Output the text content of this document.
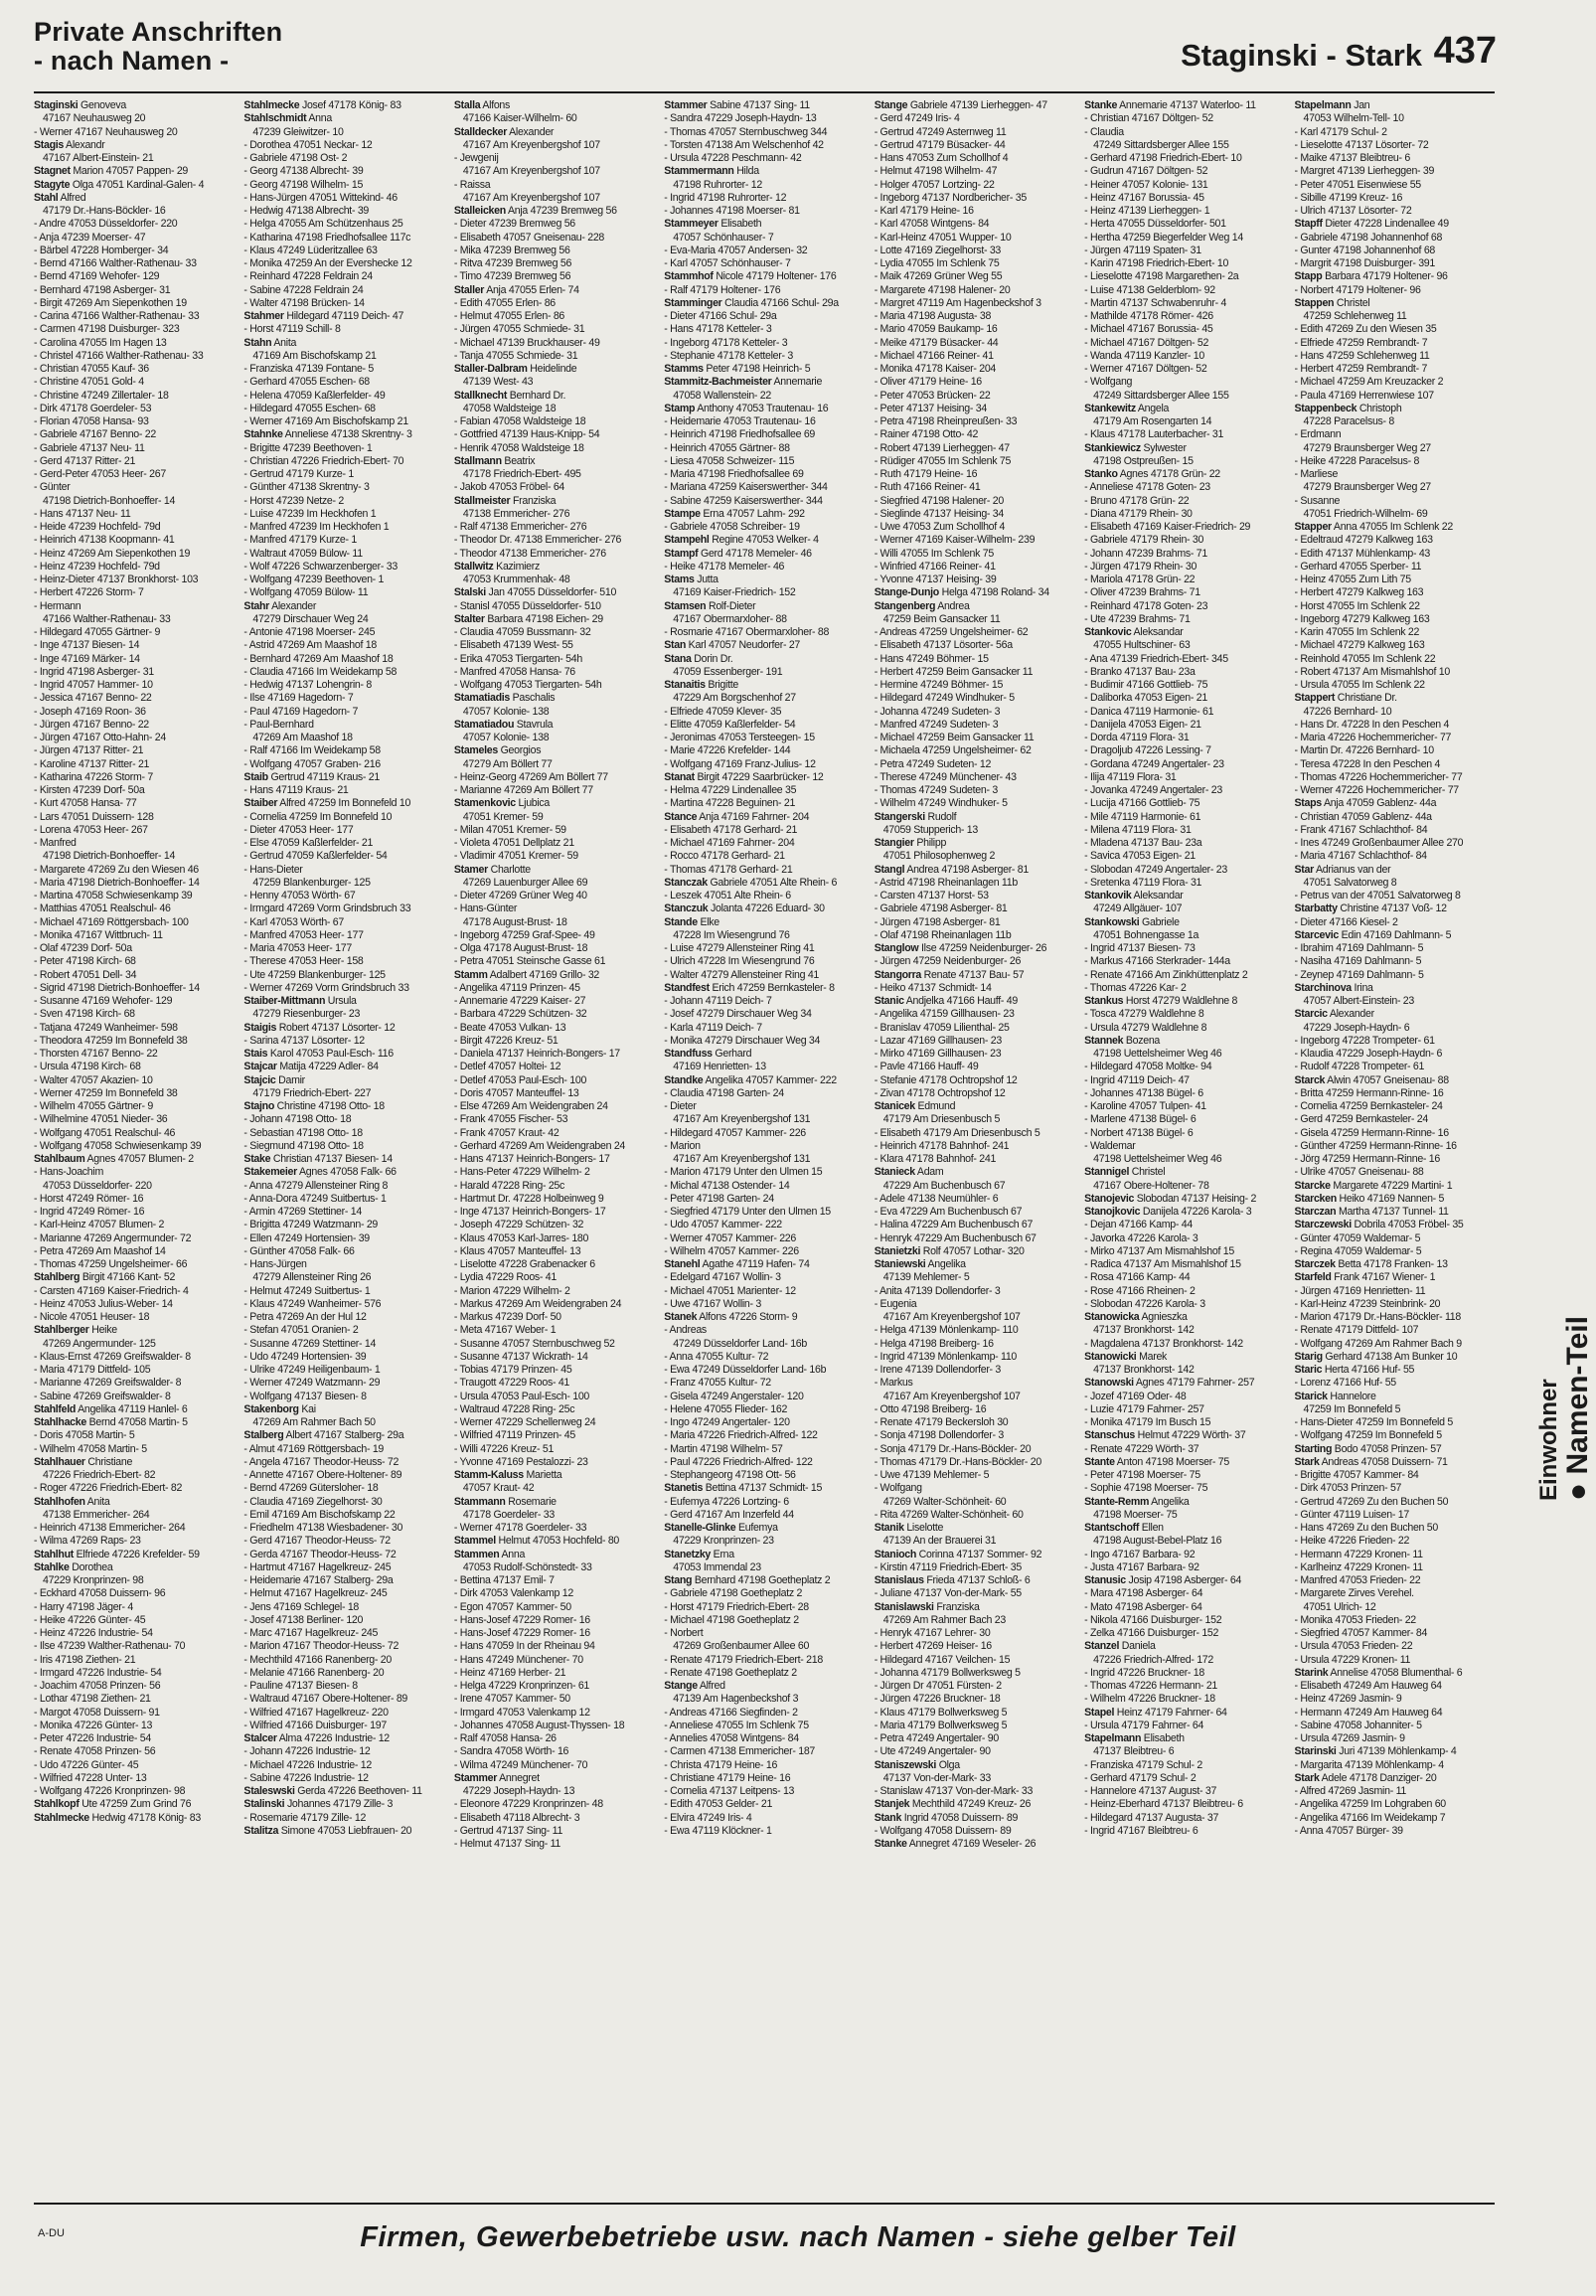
Private Anschriften
- nach Namen -	Staginski - Stark 437
Staginski Genoveva
47167 Neuhausweg 20
- Werner 47167 Neuhausweg 20
Stagis Alexandr
47167 Albert-Einstein- 21
Stagnet Marion 47057 Pappen- 29
Stagyte Olga 47051 Kardinal-Galen- 4
Stahl Alfred
47179 Dr.-Hans-Böckler- 16
- Andre 47053 Düsseldorfer- 220
- Anja 47239 Moerser- 47
- Bärbel 47228 Homberger- 34
- Bernd 47166 Walther-Rathenau- 33
- Bernd 47169 Wehofer- 129
- Bernhard 47198 Asberger- 31
- Birgit 47269 Am Siepenkothen 19
- Carina 47166 Walther-Rathenau- 33
- Carmen 47198 Duisburger- 323
- Carolina 47055 Im Hagen 13
- Christel 47166 Walther-Rathenau- 33
- Christian 47055 Kauf- 36
- Christine 47051 Gold- 4
- Christine 47249 Zillertaler- 18
- Dirk 47178 Goerdeler- 53
- Florian 47058 Hansa- 93
- Gabriele 47167 Benno- 22
- Gabriele 47137 Neu- 11
- Gerd 47137 Ritter- 21
- Gerd-Peter 47053 Heer- 267
- Günter
47198 Dietrich-Bonhoeffer- 14
- Hans 47137 Neu- 11
- Heide 47239 Hochfeld- 79d
- Heinrich 47138 Koopmann- 41
- Heinz 47269 Am Siepenkothen 19
- Heinz 47239 Hochfeld- 79d
- Heinz-Dieter 47137 Bronkhorst- 103
- Herbert 47226 Storm- 7
- Hermann
47166 Walther-Rathenau- 33
- Hildegard 47055 Gärtner- 9
- Inge 47137 Biesen- 14
- Inge 47169 Märker- 14
- Ingrid 47198 Asberger- 31
- Ingrid 47057 Hammer- 10
- Jessica 47167 Benno- 22
- Joseph 47169 Roon- 36
- Jürgen 47167 Benno- 22
- Jürgen 47167 Otto-Hahn- 24
- Jürgen 47137 Ritter- 21
- Karoline 47137 Ritter- 21
- Katharina 47226 Storm- 7
- Kirsten 47239 Dorf- 50a
- Kurt 47058 Hansa- 77
- Lars 47051 Duissern- 128
- Lorena 47053 Heer- 267
- Manfred
47198 Dietrich-Bonhoeffer- 14
- Margarete 47269 Zu den Wiesen 46
- Maria 47198 Dietrich-Bonhoeffer- 14
- Martina 47058 Schwiesenkamp 39
- Matthias 47051 Realschul- 46
- Michael 47169 Röttgersbach- 100
- Monika 47167 Wittbruch- 11
- Olaf 47239 Dorf- 50a
- Peter 47198 Kirch- 68
- Robert 47051 Dell- 34
- Sigrid 47198 Dietrich-Bonhoeffer- 14
- Susanne 47169 Wehofer- 129
- Sven 47198 Kirch- 68
- Tatjana 47249 Wanheimer- 598
- Theodora 47259 Im Bonnefeld 38
- Thorsten 47167 Benno- 22
- Ursula 47198 Kirch- 68
- Walter 47057 Akazien- 10
- Werner 47259 Im Bonnefeld 38
- Wilhelm 47055 Gärtner- 9
- Wilhelmine 47051 Nieder- 36
- Wolfgang 47051 Realschul- 46
- Wolfgang 47058 Schwiesenkamp 39
Stahlbaum Agnes 47057 Blumen- 2
- Hans-Joachim
47053 Düsseldorfer- 220
- Horst 47249 Römer- 16
- Ingrid 47249 Römer- 16
- Karl-Heinz 47057 Blumen- 2
- Marianne 47269 Angermunder- 72
- Petra 47269 Am Maashof 14
- Thomas 47259 Ungelsheimer- 66
Stahlberg Birgit 47166 Kant- 52
- Carsten 47169 Kaiser-Friedrich- 4
- Heinz 47053 Julius-Weber- 14
- Nicole 47051 Heuser- 18
Stahlberger Heike
47269 Angermunder- 125
- Klaus-Ernst 47269 Greifswalder- 8
- Maria 47179 Dittfeld- 105
- Marianne 47269 Greifswalder- 8
- Sabine 47269 Greifswalder- 8
Stahlfeld Angelika 47119 Hanlel- 6
Stahlhacke Bernd 47058 Martin- 5
- Doris 47058 Martin- 5
- Wilhelm 47058 Martin- 5
Stahlhauer Christiane
47226 Friedrich-Ebert- 82
- Roger 47226 Friedrich-Ebert- 82
Stahlhofen Anita
47138 Emmericher- 264
- Heinrich 47138 Emmericher- 264
- Wilma 47269 Raps- 23
Stahlhut Elfriede 47226 Krefelder- 59
Stahlke Dorothea
47229 Kronprinzen- 98
- Eckhard 47058 Duissern- 96
- Harry 47198 Jäger- 4
- Heike 47226 Günter- 45
- Heinz 47226 Industrie- 54
- Ilse 47239 Walther-Rathenau- 70
- Iris 47198 Ziethen- 21
- Irmgard 47226 Industrie- 54
- Joachim 47058 Prinzen- 56
- Lothar 47198 Ziethen- 21
- Margot 47058 Duissern- 91
- Monika 47226 Günter- 13
- Peter 47226 Industrie- 54
- Renate 47058 Prinzen- 56
- Udo 47226 Günter- 45
- Wilfried 47228 Unter- 13
- Wolfgang 47226 Kronprinzen- 98
Stahlkopf Ute 47259 Zum Grind 76
Stahlmecke Hedwig 47178 König- 83
Stahlmecke Josef 47178 König- 83
Stahlschmidt Anna
47239 Gleiwitzer- 10
- Dorothea 47051 Neckar- 12
- Gabriele 47198 Ost- 2
- Georg 47138 Albrecht- 39
- Georg 47198 Wilhelm- 15
- Hans-Jürgen 47051 Wittekind- 46
- Hedwig 47138 Albrecht- 39
- Helga 47055 Am Schützenhaus 25
- Katharina 47198 Friedhofsallee 117c
- Klaus 47249 Lüderitzallee 63
- Monika 47259 An der Evershecke 12
- Reinhard 47228 Feldrain 24
- Sabine 47228 Feldrain 24
- Walter 47198 Brücken- 14
Stahmer Hildegard 47119 Deich- 47
- Horst 47119 Schill- 8
Stahn Anita
47169 Am Bischofskamp 21
- Franziska 47139 Fontane- 5
- Gerhard 47055 Eschen- 68
- Helena 47059 Kaßlerfelder- 49
- Hildegard 47055 Eschen- 68
- Werner 47169 Am Bischofskamp 21
Stahnke Anneliese 47138 Skrentny- 3
- Brigitte 47239 Beethoven- 1
- Christian 47226 Friedrich-Ebert- 70
- Gertrud 47179 Kurze- 1
- Günther 47138 Skrentny- 3
- Horst 47239 Netze- 2
- Luise 47239 Im Heckhofen 1
- Manfred 47239 Im Heckhofen 1
- Manfred 47179 Kurze- 1
- Waltraut 47059 Bülow- 11
- Wolf 47226 Schwarzenberger- 33
- Wolfgang 47239 Beethoven- 1
- Wolfgang 47059 Bülow- 11
Stahr Alexander
47279 Dirschauer Weg 24
- Antonie 47198 Moerser- 245
- Astrid 47269 Am Maashof 18
- Bernhard 47269 Am Maashof 18
- Claudia 47166 Im Weidekamp 58
- Hedwig 47137 Lohengrin- 8
- Ilse 47169 Hagedorn- 7
- Paul 47169 Hagedorn- 7
- Paul-Bernhard
47269 Am Maashof 18
- Ralf 47166 Im Weidekamp 58
- Wolfgang 47057 Graben- 216
Staib Gertrud 47119 Kraus- 21
- Hans 47119 Kraus- 21
Staiber Alfred 47259 Im Bonnefeld 10
- Cornelia 47259 Im Bonnefeld 10
- Dieter 47053 Heer- 177
- Else 47059 Kaßlerfelder- 21
- Gertrud 47059 Kaßlerfelder- 54
- Hans-Dieter
47259 Blankenburger- 125
- Henny 47053 Wörth- 67
- Irmgard 47269 Vorm Grindsbruch 33
- Karl 47053 Wörth- 67
- Manfred 47053 Heer- 177
- Maria 47053 Heer- 177
- Therese 47053 Heer- 158
- Ute 47259 Blankenburger- 125
- Werner 47269 Vorm Grindsbruch 33
Staiber-Mittmann Ursula
47279 Riesenburger- 23
Staigis Robert 47137 Lösorter- 12
- Sarina 47137 Lösorter- 12
Stais Karol 47053 Paul-Esch- 116
Stajcar Matija 47229 Adler- 84
Stajcic Damir
47179 Friedrich-Ebert- 227
Stajno Christine 47198 Otto- 18
- Johann 47198 Otto- 18
- Sebastian 47198 Otto- 18
- Siegmund 47198 Otto- 18
Stake Christian 47137 Biesen- 14
Stakemeier Agnes 47058 Falk- 66
- Anna 47279 Allensteiner Ring 8
- Anna-Dora 47249 Suitbertus- 1
- Armin 47269 Stettiner- 14
- Brigitta 47249 Watzmann- 29
- Ellen 47249 Hortensien- 39
- Günther 47058 Falk- 66
- Hans-Jürgen
47279 Allensteiner Ring 26
- Helmut 47249 Suitbertus- 1
- Klaus 47249 Wanheimer- 576
- Petra 47269 An der Hul 12
- Stefan 47051 Oranien- 2
- Susanne 47269 Stettiner- 14
- Udo 47249 Hortensien- 39
- Ulrike 47249 Heiligenbaum- 1
- Werner 47249 Watzmann- 29
- Wolfgang 47137 Biesen- 8
Stakenborg Kai
47269 Am Rahmer Bach 50
Stalberg Albert 47167 Stalberg- 29a
- Almut 47169 Röttgersbach- 19
- Angela 47167 Theodor-Heuss- 72
- Annette 47167 Obere-Holtener- 89
- Bernd 47269 Gütersloher- 18
- Claudia 47169 Ziegelhorst- 30
- Emil 47169 Am Bischofskamp 22
- Friedhelm 47138 Wiesbadener- 30
- Gerd 47167 Theodor-Heuss- 72
- Gerda 47167 Theodor-Heuss- 72
- Hartmut 47167 Hagelkreuz- 245
- Heidemarie 47167 Stalberg- 29a
- Helmut 47167 Hagelkreuz- 245
- Jens 47169 Schlegel- 18
- Josef 47138 Berliner- 120
- Marc 47167 Hagelkreuz- 245
- Marion 47167 Theodor-Heuss- 72
- Mechthild 47166 Ranenberg- 20
- Melanie 47166 Ranenberg- 20
- Pauline 47137 Biesen- 8
- Waltraud 47167 Obere-Holtener- 89
- Wilfried 47167 Hagelkreuz- 220
- Wilfried 47166 Duisburger- 197
Stalcer Alma 47226 Industrie- 12
- Johann 47226 Industrie- 12
- Michael 47226 Industrie- 12
- Sabine 47226 Industrie- 12
Staleswski Gerda 47226 Beethoven- 11
Stalinski Johannes 47179 Zille- 3
- Rosemarie 47179 Zille- 12
Stalitza Simone 47053 Liebfrauen- 20
Stalla Alfons
47166 Kaiser-Wilhelm- 60
Stalldecker Alexander
47167 Am Kreyenbergshof 107
- Jewgenij
47167 Am Kreyenbergshof 107
- Raissa
47167 Am Kreyenbergshof 107
Stalleicken Anja 47239 Bremweg 56
- Dieter 47239 Bremweg 56
- Elisabeth 47057 Gneisenau- 228
- Mika 47239 Bremweg 56
- Ritva 47239 Bremweg 56
- Timo 47239 Bremweg 56
Staller Anja 47055 Erlen- 74
- Edith 47055 Erlen- 86
- Helmut 47055 Erlen- 86
- Jürgen 47055 Schmiede- 31
- Michael 47139 Bruckhauser- 49
- Tanja 47055 Schmiede- 31
Staller-Dalbram Heidelinde
47139 West- 43
Stallknecht Bernhard Dr.
47058 Waldsteige 18
- Fabian 47058 Waldsteige 18
- Gottfried 47139 Haus-Knipp- 54
- Henrik 47058 Waldsteige 18
Stallmann Beatrix
47178 Friedrich-Ebert- 495
- Jakob 47053 Fröbel- 64
Stallmeister Franziska
47138 Emmericher- 276
- Ralf 47138 Emmericher- 276
- Theodor Dr. 47138 Emmericher- 276
- Theodor 47138 Emmericher- 276
Stallwitz Kazimierz
47053 Krummenhak- 48
Stalski Jan 47055 Düsseldorfer- 510
- Stanisl 47055 Düsseldorfer- 510
Stalter Barbara 47198 Eichen- 29
- Claudia 47059 Bussmann- 32
- Elisabeth 47139 West- 55
- Erika 47053 Tiergarten- 54h
- Manfred 47058 Hansa- 76
- Wolfgang 47053 Tiergarten- 54h
Stamatiadis Paschalis
47057 Kolonie- 138
Stamatiadou Stavrula
47057 Kolonie- 138
Stameles Georgios
47279 Am Böllert 77
- Heinz-Georg 47269 Am Böllert 77
- Marianne 47269 Am Böllert 77
Stamenkovic Ljubica
47051 Kremer- 59
- Milan 47051 Kremer- 59
- Violeta 47051 Dellplatz 21
- Vladimir 47051 Kremer- 59
Stamer Charlotte
47269 Lauenburger Allee 69
- Dieter 47269 Grüner Weg 40
- Hans-Günter
47178 August-Brust- 18
- Ingeborg 47259 Graf-Spee- 49
- Olga 47178 August-Brust- 18
- Petra 47051 Steinsche Gasse 61
Stamm Adalbert 47169 Grillo- 32
- Angelika 47119 Prinzen- 45
- Annemarie 47229 Kaiser- 27
- Barbara 47229 Schützen- 32
- Beate 47053 Vulkan- 13
- Birgit 47226 Kreuz- 51
- Daniela 47137 Heinrich-Bongers- 17
- Detlef 47057 Holtei- 12
- Detlef 47053 Paul-Esch- 100
- Doris 47057 Manteuffel- 13
- Else 47269 Am Weidengraben 24
- Frank 47055 Fischer- 53
- Frank 47057 Kraut- 42
- Gerhard 47269 Am Weidengraben 24
- Hans 47137 Heinrich-Bongers- 17
- Hans-Peter 47229 Wilhelm- 2
- Harald 47228 Ring- 25c
- Hartmut Dr. 47228 Holbeinweg 9
- Inge 47137 Heinrich-Bongers- 17
- Joseph 47229 Schützen- 32
- Klaus 47053 Karl-Jarres- 180
- Klaus 47057 Manteuffel- 13
- Liselotte 47228 Grabenacker 6
- Lydia 47229 Roos- 41
- Marion 47229 Wilhelm- 2
- Markus 47269 Am Weidengraben 24
- Markus 47239 Dorf- 50
- Meta 47167 Weber- 1
- Susanne 47057 Sternbuschweg 52
- Susanne 47137 Wickrath- 14
- Tobias 47179 Prinzen- 45
- Traugott 47229 Roos- 41
- Ursula 47053 Paul-Esch- 100
- Waltraud 47228 Ring- 25c
- Werner 47229 Schellenweg 24
- Wilfried 47119 Prinzen- 45
- Willi 47226 Kreuz- 51
- Yvonne 47169 Pestalozzi- 23
Stamm-Kaluss Marietta
47057 Kraut- 42
Stammann Rosemarie
47178 Goerdeler- 33
- Werner 47178 Goerdeler- 33
Stammel Helmut 47053 Hochfeld- 80
Stammen Anna
47053 Rudolf-Schönstedt- 33
- Bettina 47137 Emil- 7
- Dirk 47053 Valenkamp 12
- Egon 47057 Kammer- 50
- Hans-Josef 47229 Romer- 16
- Hans-Josef 47229 Romer- 16
- Hans 47059 In der Rheinau 94
- Hans 47249 Münchener- 70
- Heinz 47169 Herber- 21
- Helga 47229 Kronprinzen- 61
- Irene 47057 Kammer- 50
- Irmgard 47053 Valenkamp 12
- Johannes 47058 August-Thyssen- 18
- Ralf 47058 Hansa- 26
- Sandra 47058 Wörth- 16
- Wilma 47249 Münchener- 70
Stammer Annegret
47229 Joseph-Haydn- 13
- Eleonore 47229 Kronprinzen- 48
- Elisabeth 47118 Albrecht- 3
- Gertrud 47137 Sing- 11
- Helmut 47137 Sing- 11
Stammer Sabine 47137 Sing- 11
- Sandra 47229 Joseph-Haydn- 13
- Thomas 47057 Sternbuschweg 344
- Torsten 47138 Am Welschenhof 42
- Ursula 47228 Peschmann- 42
Stammermann Hilda
47198 Ruhrorter- 12
- Ingrid 47198 Ruhrorter- 12
- Johannes 47198 Moerser- 81
Stammeyer Elisabeth
47057 Schönhauser- 7
- Eva-Maria 47057 Andersen- 32
- Karl 47057 Schönhauser- 7
Stammhof Nicole 47179 Holtener- 176
- Ralf 47179 Holtener- 176
Stamminger Claudia 47166 Schul- 29a
- Dieter 47166 Schul- 29a
- Hans 47178 Ketteler- 3
- Ingeborg 47178 Ketteler- 3
- Stephanie 47178 Ketteler- 3
Stamms Peter 47198 Heinrich- 5
Stammitz-Bachmeister Annemarie
47058 Wallenstein- 22
Stamp Anthony 47053 Trautenau- 16
- Heidemarie 47053 Trautenau- 16
- Heinrich 47198 Friedhofsallee 69
- Heinrich 47055 Gärtner- 88
- Liesa 47058 Schweizer- 115
- Maria 47198 Friedhofsallee 69
- Mariana 47259 Kaiserswerther- 344
- Sabine 47259 Kaiserswerther- 344
Stampe Erna 47057 Lahm- 292
- Gabriele 47058 Schreiber- 19
Stampehl Regine 47053 Welker- 4
Stampf Gerd 47178 Memeler- 46
- Heike 47178 Memeler- 46
Stams Jutta
47169 Kaiser-Friedrich- 152
Stamsen Rolf-Dieter
47167 Obermarxloher- 88
- Rosmarie 47167 Obermarxloher- 88
Stan Karl 47057 Neudorfer- 27
Stana Dorin Dr.
47059 Essenberger- 191
Stanaitis Brigitte
47229 Am Borgschenhof 27
- Elfriede 47059 Klever- 35
- Elitte 47059 Kaßlerfelder- 54
- Jeronimas 47053 Tersteegen- 15
- Marie 47226 Krefelder- 144
- Wolfgang 47169 Franz-Julius- 12
Stanat Birgit 47229 Saarbrücker- 12
- Helma 47229 Lindenallee 35
- Martina 47228 Beguinen- 21
Stance Anja 47169 Fahrner- 204
- Elisabeth 47178 Gerhard- 21
- Michael 47169 Fahrner- 204
- Rocco 47178 Gerhard- 21
- Thomas 47178 Gerhard- 21
Stanczak Gabriele 47051 Alte Rhein- 6
- Leszek 47051 Alte Rhein- 6
Stanczuk Jolanta 47226 Eduard- 30
Stande Elke
47228 Im Wiesengrund 76
- Luise 47279 Allensteiner Ring 41
- Ulrich 47228 Im Wiesengrund 76
- Walter 47279 Allensteiner Ring 41
Standfest Erich 47259 Bernkasteler- 8
- Johann 47119 Deich- 7
- Josef 47279 Dirschauer Weg 34
- Karla 47119 Deich- 7
- Monika 47279 Dirschauer Weg 34
Standfuss Gerhard
47169 Henrietten- 13
Standke Angelika 47057 Kammer- 222
- Claudia 47198 Garten- 24
- Dieter
47167 Am Kreyenbergshof 131
- Hildegard 47057 Kammer- 226
- Marion
47167 Am Kreyenbergshof 131
- Marion 47179 Unter den Ulmen 15
- Michal 47138 Ostender- 14
- Peter 47198 Garten- 24
- Siegfried 47179 Unter den Ulmen 15
- Udo 47057 Kammer- 222
- Werner 47057 Kammer- 226
- Wilhelm 47057 Kammer- 226
Stanehl Agathe 47119 Hafen- 74
- Edelgard 47167 Wollin- 3
- Michael 47051 Marienter- 12
- Uwe 47167 Wollin- 3
Stanek Alfons 47226 Storm- 9
- Andreas
47249 Düsseldorfer Land- 16b
- Anna 47055 Kultur- 72
- Ewa 47249 Düsseldorfer Land- 16b
- Franz 47055 Kultur- 72
- Gisela 47249 Angerstaler- 120
- Helene 47055 Flieder- 162
- Ingo 47249 Angertaler- 120
- Maria 47226 Friedrich-Alfred- 122
- Martin 47198 Wilhelm- 57
- Paul 47226 Friedrich-Alfred- 122
- Stephangeorg 47198 Ott- 56
Stanetis Bettina 47137 Schmidt- 15
- Eufemya 47226 Lortzing- 6
- Gerd 47167 Am Inzerfeld 44
Stanelle-Glinke Eufemya
47229 Kronprinzen- 23
Stanetzky Erna
47053 Immendal 23
Stang Bernhard 47198 Goetheplatz 2
- Gabriele 47198 Goetheplatz 2
- Horst 47179 Friedrich-Ebert- 28
- Michael 47198 Goetheplatz 2
- Norbert
47269 Großenbaumer Allee 60
- Renate 47179 Friedrich-Ebert- 218
- Renate 47198 Goetheplatz 2
Stange Alfred
47139 Am Hagenbeckshof 3
- Andreas 47166 Siegfinden- 2
- Anneliese 47055 Im Schlenk 75
- Annelies 47058 Wintgens- 84
- Carmen 47138 Emmericher- 187
- Christa 47179 Heine- 16
- Christiane 47179 Heine- 16
- Cornelia 47137 Leitpens- 13
- Edith 47053 Gelder- 21
- Elvira 47249 Iris- 4
- Ewa 47119 Klöckner- 1
Stange Gabriele 47139 Lierheggen- 47
- Gerd 47249 Iris- 4
- Gertrud 47249 Asternweg 11
- Gertrud 47179 Büsacker- 44
- Hans 47053 Zum Schollhof 4
- Helmut 47198 Wilhelm- 47
- Holger 47057 Lortzing- 22
- Ingeborg 47137 Nordbericher- 35
- Karl 47179 Heine- 16
- Karl 47058 Wintgens- 84
- Karl-Heinz 47051 Wupper- 10
- Lotte 47169 Ziegelhorst- 33
- Lydia 47055 Im Schlenk 75
- Maik 47269 Grüner Weg 55
- Margarete 47198 Halener- 20
- Margret 47119 Am Hagenbeckshof 3
- Maria 47198 Augusta- 38
- Mario 47059 Baukamp- 16
- Meike 47179 Büsacker- 44
- Michael 47166 Reiner- 41
- Monika 47178 Kaiser- 204
- Oliver 47179 Heine- 16
- Peter 47053 Brücken- 22
- Peter 47137 Heising- 34
- Petra 47198 Rheinpreußen- 33
- Rainer 47198 Otto- 42
- Robert 47139 Lierheggen- 47
- Rüdiger 47055 Im Schlenk 75
- Ruth 47179 Heine- 16
- Ruth 47166 Reiner- 41
- Siegfried 47198 Halener- 20
- Sieglinde 47137 Heising- 34
- Uwe 47053 Zum Schollhof 4
- Werner 47169 Kaiser-Wilhelm- 239
- Willi 47055 Im Schlenk 75
- Winfried 47166 Reiner- 41
- Yvonne 47137 Heising- 39
Stange-Dunjo Helga 47198 Roland- 34
Stangenberg Andrea
47259 Beim Gansacker 11
- Andreas 47259 Ungelsheimer- 62
- Elisabeth 47137 Lösorter- 56a
- Hans 47249 Böhmer- 15
- Herbert 47259 Beim Gansacker 11
- Hermine 47249 Böhmer- 15
- Hildegard 47249 Windhuker- 5
- Johanna 47249 Sudeten- 3
- Manfred 47249 Sudeten- 3
- Michael 47259 Beim Gansacker 11
- Michaela 47259 Ungelsheimer- 62
- Petra 47249 Sudeten- 12
- Therese 47249 Münchener- 43
- Thomas 47249 Sudeten- 3
- Wilhelm 47249 Windhuker- 5
Stangerski Rudolf
47059 Stupperich- 13
Stangier Philipp
47051 Philosophenweg 2
Stangl Andrea 47198 Asberger- 81
- Astrid 47198 Rheinanlagen 11b
- Carsten 47137 Horst- 53
- Gabriele 47198 Asberger- 81
- Jürgen 47198 Asberger- 81
- Olaf 47198 Rheinanlagen 11b
Stanglow Ilse 47259 Neidenburger- 26
- Jürgen 47259 Neidenburger- 26
Stangorra Renate 47137 Bau- 57
- Heiko 47137 Schmidt- 14
Stanic Andjelka 47166 Hauff- 49
- Angelika 47159 Gillhausen- 23
- Branislav 47059 Lilienthal- 25
- Lazar 47169 Gillhausen- 23
- Mirko 47169 Gillhausen- 23
- Pavle 47166 Hauff- 49
- Stefanie 47178 Ochtropshof 12
- Zivan 47178 Ochtropshof 12
Stanicek Edmund
47179 Am Driesenbusch 5
- Elisabeth 47179 Am Driesenbusch 5
- Heinrich 47178 Bahnhof- 241
- Klara 47178 Bahnhof- 241
Stanieck Adam
47229 Am Buchenbusch 67
- Adele 47138 Neumühler- 6
- Eva 47229 Am Buchenbusch 67
- Halina 47229 Am Buchenbusch 67
- Henryk 47229 Am Buchenbusch 67
Stanietzki Rolf 47057 Lothar- 320
Staniewski Angelika
47139 Mehlemer- 5
- Anita 47139 Dollendorfer- 3
- Eugenia
47167 Am Kreyenbergshof 107
- Helga 47139 Mönlenkamp- 110
- Helga 47198 Breiberg- 16
- Ingrid 47139 Mönlenkamp- 110
- Irene 47139 Dollendorfer- 3
- Markus
47167 Am Kreyenbergshof 107
- Otto 47198 Breiberg- 16
- Renate 47179 Beckersloh 30
- Sonja 47198 Dollendorfer- 3
- Sonja 47179 Dr.-Hans-Böckler- 20
- Thomas 47179 Dr.-Hans-Böckler- 20
- Uwe 47139 Mehlemer- 5
- Wolfgang
47269 Walter-Schönheit- 60
- Rita 47269 Walter-Schönheit- 60
Stanik Liselotte
47139 An der Brauerei 31
Stanioch Corinna 47137 Sommer- 92
- Kirstin 47119 Friedrich-Ebert- 35
Stanislaus Frieda 47137 Schloß- 6
- Juliane 47137 Von-der-Mark- 55
Stanislawski Franziska
47269 Am Rahmer Bach 23
- Henryk 47167 Lehrer- 30
- Herbert 47269 Heiser- 16
- Hildegard 47167 Veilchen- 15
- Johanna 47179 Bollwerksweg 5
- Jürgen Dr 47051 Fürsten- 2
- Jürgen 47226 Bruckner- 18
- Klaus 47179 Bollwerksweg 5
- Maria 47179 Bollwerksweg 5
- Petra 47249 Angertaler- 90
- Ute 47249 Angertaler- 90
Staniszewski Olga
47137 Von-der-Mark- 33
- Stanislaw 47137 Von-der-Mark- 33
Stanjek Mechthild 47249 Kreuz- 26
Stank Ingrid 47058 Duissern- 89
- Wolfgang 47058 Duissern- 89
Stanke Annegret 47169 Weseler- 26
Stanke Annemarie 47137 Waterloo- 11
- Christian 47167 Döltgen- 52
- Claudia
47249 Sittardsberger Allee 155
- Gerhard 47198 Friedrich-Ebert- 10
- Gudrun 47167 Döltgen- 52
- Heiner 47057 Kolonie- 131
- Heinz 47167 Borussia- 45
- Heinz 47139 Lierheggen- 1
- Herta 47055 Düsseldorfer- 501
- Hertha 47259 Biegerfelder Weg 14
- Jürgen 47119 Spaten- 31
- Karin 47198 Friedrich-Ebert- 10
- Lieselotte 47198 Margarethen- 2a
- Luise 47138 Gelderblom- 92
- Martin 47137 Schwabenruhr- 4
- Mathilde 47178 Römer- 426
- Michael 47167 Borussia- 45
- Michael 47167 Döltgen- 52
- Wanda 47119 Kanzler- 10
- Werner 47167 Döltgen- 52
- Wolfgang
47249 Sittardsberger Allee 155
Stankewitz Angela
47179 Am Rosengarten 14
- Klaus 47178 Lauterbacher- 31
Stankiewicz Sylwester
47198 Ostpreußen- 15
Stanko Agnes 47178 Grün- 22
- Anneliese 47178 Goten- 23
- Bruno 47178 Grün- 22
- Diana 47179 Rhein- 30
- Elisabeth 47169 Kaiser-Friedrich- 29
- Gabriele 47179 Rhein- 30
- Johann 47239 Brahms- 71
- Jürgen 47179 Rhein- 30
- Mariola 47178 Grün- 22
- Oliver 47239 Brahms- 71
- Reinhard 47178 Goten- 23
- Ute 47239 Brahms- 71
Stankovic Aleksandar
47055 Hultschiner- 63
- Ana 47139 Friedrich-Ebert- 345
- Branko 47137 Bau- 23a
- Budimir 47166 Gottlieb- 75
- Daliborka 47053 Eigen- 21
- Danica 47119 Harmonie- 61
- Danijela 47053 Eigen- 21
- Dorda 47119 Flora- 31
- Dragoljub 47226 Lessing- 7
- Gordana 47249 Angertaler- 23
- Ilija 47119 Flora- 31
- Jovanka 47249 Angertaler- 23
- Lucija 47166 Gottlieb- 75
- Mile 47119 Harmonie- 61
- Milena 47119 Flora- 31
- Mladena 47137 Bau- 23a
- Savica 47053 Eigen- 21
- Slobodan 47249 Angertaler- 23
- Sretenka 47119 Flora- 31
Stankovik Aleksandar
47249 Allgäuer- 107
Stankowski Gabriele
47051 Bohnengasse 1a
- Ingrid 47137 Biesen- 73
- Markus 47166 Sterkrader- 144a
- Renate 47166 Am Zinkhüttenplatz 2
- Thomas 47226 Kar- 2
Stankus Horst 47279 Waldlehne 8
- Tosca 47279 Waldlehne 8
- Ursula 47279 Waldlehne 8
Stannek Bozena
47198 Uettelsheimer Weg 46
- Hildegard 47058 Moltke- 94
- Ingrid 47119 Deich- 47
- Johannes 47138 Bügel- 6
- Karoline 47057 Tulpen- 41
- Marlene 47138 Bügel- 6
- Norbert 47138 Bügel- 6
- Waldemar
47198 Uettelsheimer Weg 46
Stannigel Christel
47167 Obere-Holtener- 78
Stanojevic Slobodan 47137 Heising- 2
Stanojkovic Danijela 47226 Karola- 3
- Dejan 47166 Kamp- 44
- Javorka 47226 Karola- 3
- Mirko 47137 Am Mismahlshof 15
- Radica 47137 Am Mismahlshof 15
- Rosa 47166 Kamp- 44
- Rose 47166 Rheinen- 2
- Slobodan 47226 Karola- 3
Stanowicka Agnieszka
47137 Bronkhorst- 142
- Magdalena 47137 Bronkhorst- 142
Stanowicki Marek
47137 Bronkhorst- 142
Stanowski Agnes 47179 Fahrner- 257
- Jozef 47169 Oder- 48
- Luzie 47179 Fahrner- 257
- Monika 47179 Im Busch 15
Stanschus Helmut 47229 Wörth- 37
- Renate 47229 Wörth- 37
Stante Anton 47198 Moerser- 75
- Peter 47198 Moerser- 75
- Sophie 47198 Moerser- 75
Stante-Remm Angelika
47198 Moerser- 75
Stantschoff Ellen
47198 August-Bebel-Platz 16
- Ingo 47167 Barbara- 92
- Justa 47167 Barbara- 92
Stanusic Josip 47198 Asberger- 64
- Mara 47198 Asberger- 64
- Mato 47198 Asberger- 64
- Nikola 47166 Duisburger- 152
- Zelka 47166 Duisburger- 152
Stanzel Daniela
47226 Friedrich-Alfred- 172
- Ingrid 47226 Bruckner- 18
- Thomas 47226 Hermann- 21
- Wilhelm 47226 Bruckner- 18
Stapel Heinz 47179 Fahrner- 64
- Ursula 47179 Fahrner- 64
Stapelmann Elisabeth
47137 Bleibtreu- 6
- Franziska 47179 Schul- 2
- Gerhard 47179 Schul- 2
- Hannelore 47137 August- 37
- Heinz-Eberhard 47137 Bleibtreu- 6
- Hildegard 47137 Augusta- 37
- Ingrid 47167 Bleibtreu- 6
Stapelmann Jan
47053 Wilhelm-Tell- 10
- Karl 47179 Schul- 2
- Lieselotte 47137 Lösorter- 72
- Maike 47137 Bleibtreu- 6
- Margret 47139 Lierheggen- 39
- Peter 47051 Eisenwiese 55
- Sibille 47199 Kreuz- 16
- Ulrich 47137 Lösorter- 72
Stapff Dieter 47228 Lindenallee 49
- Gabriele 47198 Johannenhof 68
- Gunter 47198 Johannenhof 68
- Margrit 47198 Duisburger- 391
Stapp Barbara 47179 Holtener- 96
- Norbert 47179 Holtener- 96
Stappen Christel
47259 Schlehenweg 11
- Edith 47269 Zu den Wiesen 35
- Elfriede 47259 Rembrandt- 7
- Hans 47259 Schlehenweg 11
- Herbert 47259 Rembrandt- 7
- Michael 47259 Am Kreuzacker 2
- Paula 47169 Herrenwiese 107
Stappenbeck Christoph
47228 Paracelsus- 8
- Erdmann
47279 Braunsberger Weg 27
- Heike 47228 Paracelsus- 8
- Marliese
47279 Braunsberger Weg 27
- Susanne
47051 Friedrich-Wilhelm- 69
Stapper Anna 47055 Im Schlenk 22
- Edeltraud 47279 Kalkweg 163
- Edith 47137 Mühlenkamp- 43
- Gerhard 47055 Sperber- 11
- Heinz 47055 Zum Lith 75
- Herbert 47279 Kalkweg 163
- Horst 47055 Im Schlenk 22
- Ingeborg 47279 Kalkweg 163
- Karin 47055 Im Schlenk 22
- Michael 47279 Kalkweg 163
- Reinhold 47055 Im Schlenk 22
- Robert 47137 Am Mismahlshof 10
- Ursula 47055 Im Schlenk 22
Stappert Christiane Dr.
47226 Bernhard- 10
- Hans Dr. 47228 In den Peschen 4
- Maria 47226 Hochemmericher- 77
- Martin Dr. 47226 Bernhard- 10
- Teresa 47228 In den Peschen 4
- Thomas 47226 Hochemmericher- 77
- Werner 47226 Hochemmericher- 77
Staps Anja 47059 Gablenz- 44a
- Christian 47059 Gablenz- 44a
- Frank 47167 Schlachthof- 84
- Ines 47249 Großenbaumer Allee 270
- Maria 47167 Schlachthof- 84
Star Adrianus van der
47051 Salvatorweg 8
- Petrus van der 47051 Salvatorweg 8
Starbatty Christine 47137 Voß- 12
- Dieter 47166 Kiesel- 2
Starcevic Edin 47169 Dahlmann- 5
- Ibrahim 47169 Dahlmann- 5
- Nasiha 47169 Dahlmann- 5
- Zeynep 47169 Dahlmann- 5
Starchinova Irina
47057 Albert-Einstein- 23
Starcic Alexander
47229 Joseph-Haydn- 6
- Ingeborg 47228 Trompeter- 61
- Klaudia 47229 Joseph-Haydn- 6
- Rudolf 47228 Trompeter- 61
Starck Alwin 47057 Gneisenau- 88
- Britta 47259 Hermann-Rinne- 16
- Cornelia 47259 Bernkasteler- 24
- Gerd 47259 Bernkasteler- 24
- Gisela 47259 Hermann-Rinne- 16
- Günther 47259 Hermann-Rinne- 16
- Jörg 47259 Hermann-Rinne- 16
- Ulrike 47057 Gneisenau- 88
Starcke Margarete 47229 Martini- 1
Starcken Heiko 47169 Nannen- 5
Starczan Martha 47137 Tunnel- 11
Starczewski Dobrila 47053 Fröbel- 35
- Günter 47059 Waldemar- 5
- Regina 47059 Waldemar- 5
Starczek Betta 47178 Franken- 13
Starfeld Frank 47167 Wiener- 1
- Jürgen 47169 Henrietten- 11
- Karl-Heinz 47239 Steinbrink- 20
- Marion 47179 Dr.-Hans-Böckler- 118
- Renate 47179 Dittfeld- 107
- Wolfgang 47269 Am Rahmer Bach 9
Starig Gerhard 47138 Am Bunker 10
Staric Herta 47166 Huf- 55
- Lorenz 47166 Huf- 55
Starick Hannelore
47259 Im Bonnefeld 5
- Hans-Dieter 47259 Im Bonnefeld 5
- Wolfgang 47259 Im Bonnefeld 5
Starting Bodo 47058 Prinzen- 57
Stark Andreas 47058 Duissern- 71
- Brigitte 47057 Kammer- 84
- Dirk 47053 Prinzen- 57
- Gertrud 47269 Zu den Buchen 50
- Günter 47119 Luisen- 17
- Hans 47269 Zu den Buchen 50
- Heike 47226 Frieden- 22
- Hermann 47229 Kronen- 11
- Karlheinz 47229 Kronen- 11
- Manfred 47053 Frieden- 22
- Margarete Zirves Verehel.
47051 Ulrich- 12
- Monika 47053 Frieden- 22
- Siegfried 47057 Kammer- 84
- Ursula 47053 Frieden- 22
- Ursula 47229 Kronen- 11
Starink Annelise 47058 Blumenthal- 6
- Elisabeth 47249 Am Hauweg 64
- Heinz 47269 Jasmin- 9
- Hermann 47249 Am Hauweg 64
- Sabine 47058 Johanniter- 5
- Ursula 47269 Jasmin- 9
Starinski Juri 47139 Möhlenkamp- 4
- Margarita 47139 Möhlenkamp- 4
Stark Adele 47178 Danziger- 20
- Alfred 47269 Jasmin- 11
- Angelika 47259 Im Lohgraben 60
- Angelika 47166 Im Weidekamp 7
- Anna 47057 Bürger- 39
Einwohner ● Namen-Teil
A-DU	Firmen, Gewerbebetriebe usw. nach Namen - siehe gelber Teil
